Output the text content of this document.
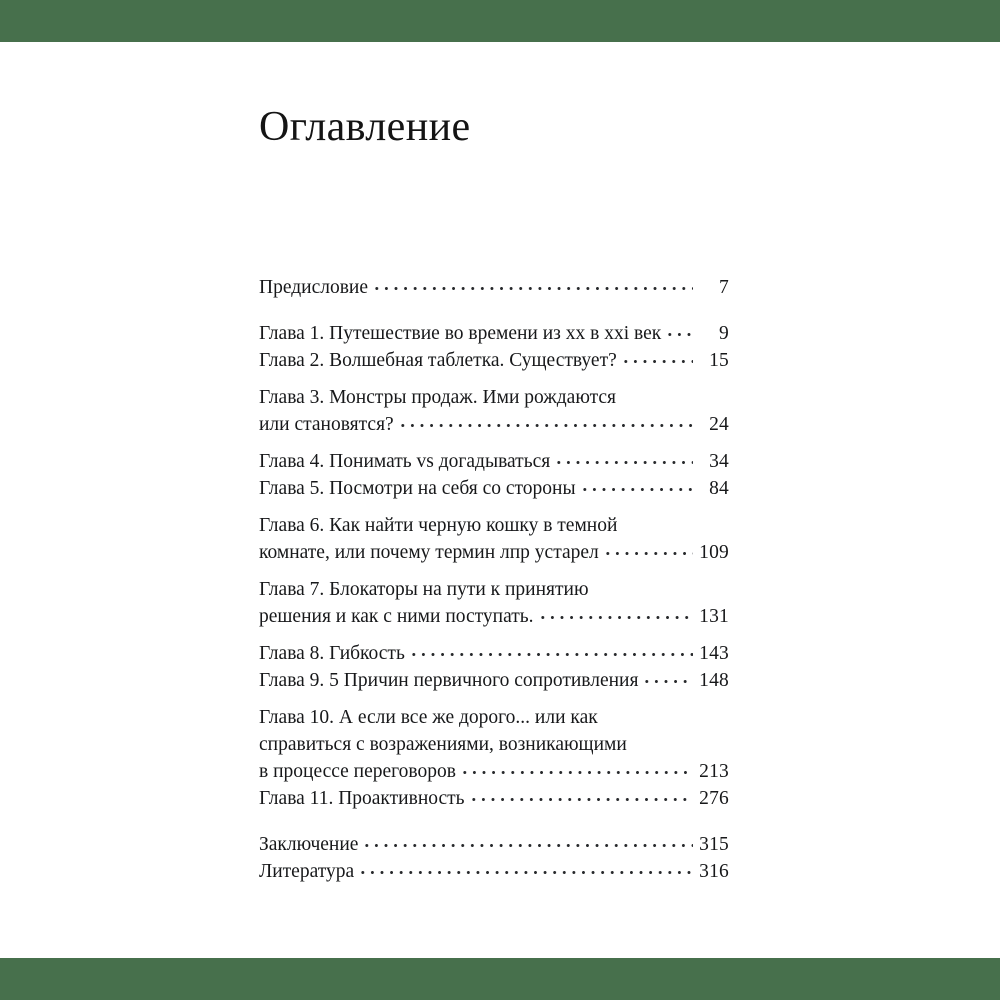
Оглавление
Предисловие	7
Глава 1. Путешествие во времени из xx в xxi век	9
Глава 2. Волшебная таблетка. Существует?	15
Глава 3. Монстры продаж. Ими рождаются
или становятся?	24
Глава 4. Понимать vs догадываться	34
Глава 5. Посмотри на себя со стороны	84
Глава 6. Как найти черную кошку в темной
комнате, или почему термин лпр устарел	109
Глава 7. Блокаторы на пути к принятию
решения и как с ними поступать.	131
Глава 8. Гибкость	143
Глава 9. 5 Причин первичного сопротивления	148
Глава 10. А если все же дорого... или как
справиться с возражениями, возникающими
в процессе переговоров	213
Глава 11. Проактивность	276
Заключение	315
Литература	316
